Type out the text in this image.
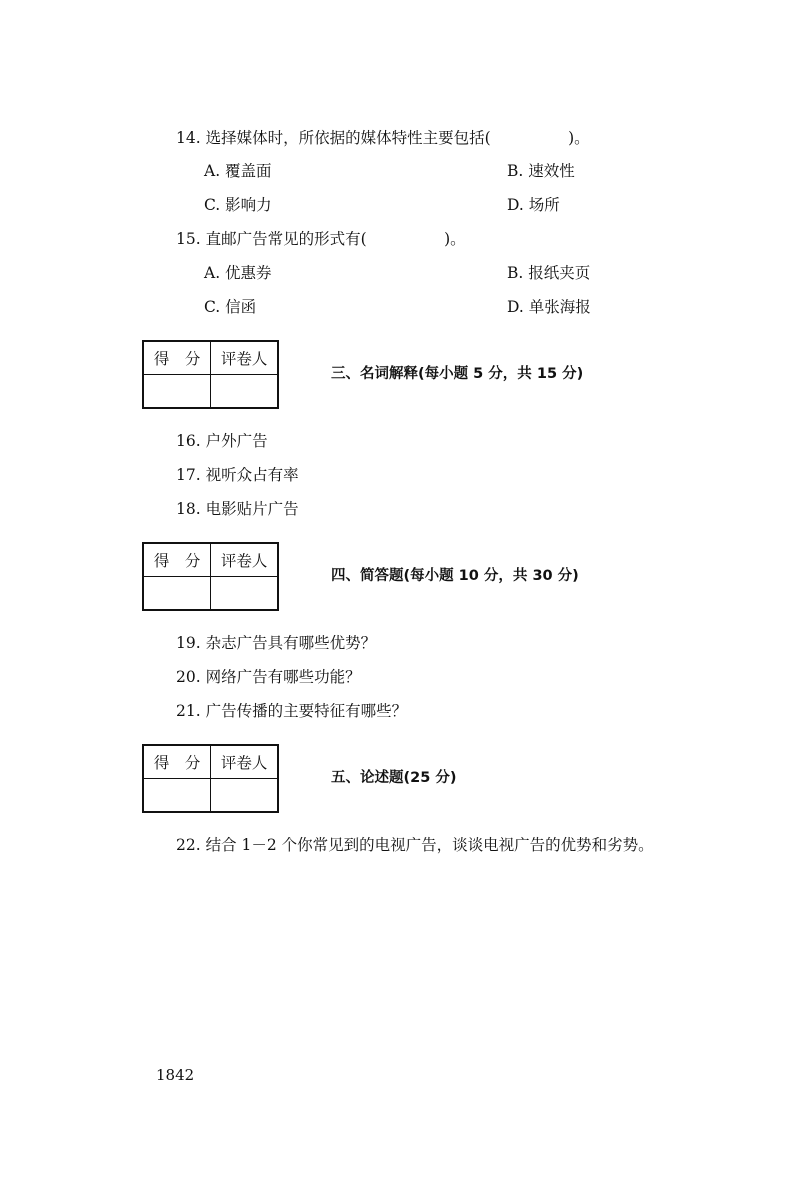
14. 选择媒体时，所依据的媒体特性主要包括(　　　　　)。
A. 覆盖面	B. 速效性
C. 影响力	D. 场所
15. 直邮广告常见的形式有(　　　　　)。
A. 优惠券	B. 报纸夹页
C. 信函	D. 单张海报
得　分	评卷人

三、名词解释(每小题 5 分，共 15 分)
16. 户外广告
17. 视听众占有率
18. 电影贴片广告
得　分	评卷人

四、简答题(每小题 10 分，共 30 分)
19. 杂志广告具有哪些优势？
20. 网络广告有哪些功能？
21. 广告传播的主要特征有哪些？
得　分	评卷人

五、论述题(25 分)
22. 结合 1－2 个你常见到的电视广告，谈谈电视广告的优势和劣势。
1842
